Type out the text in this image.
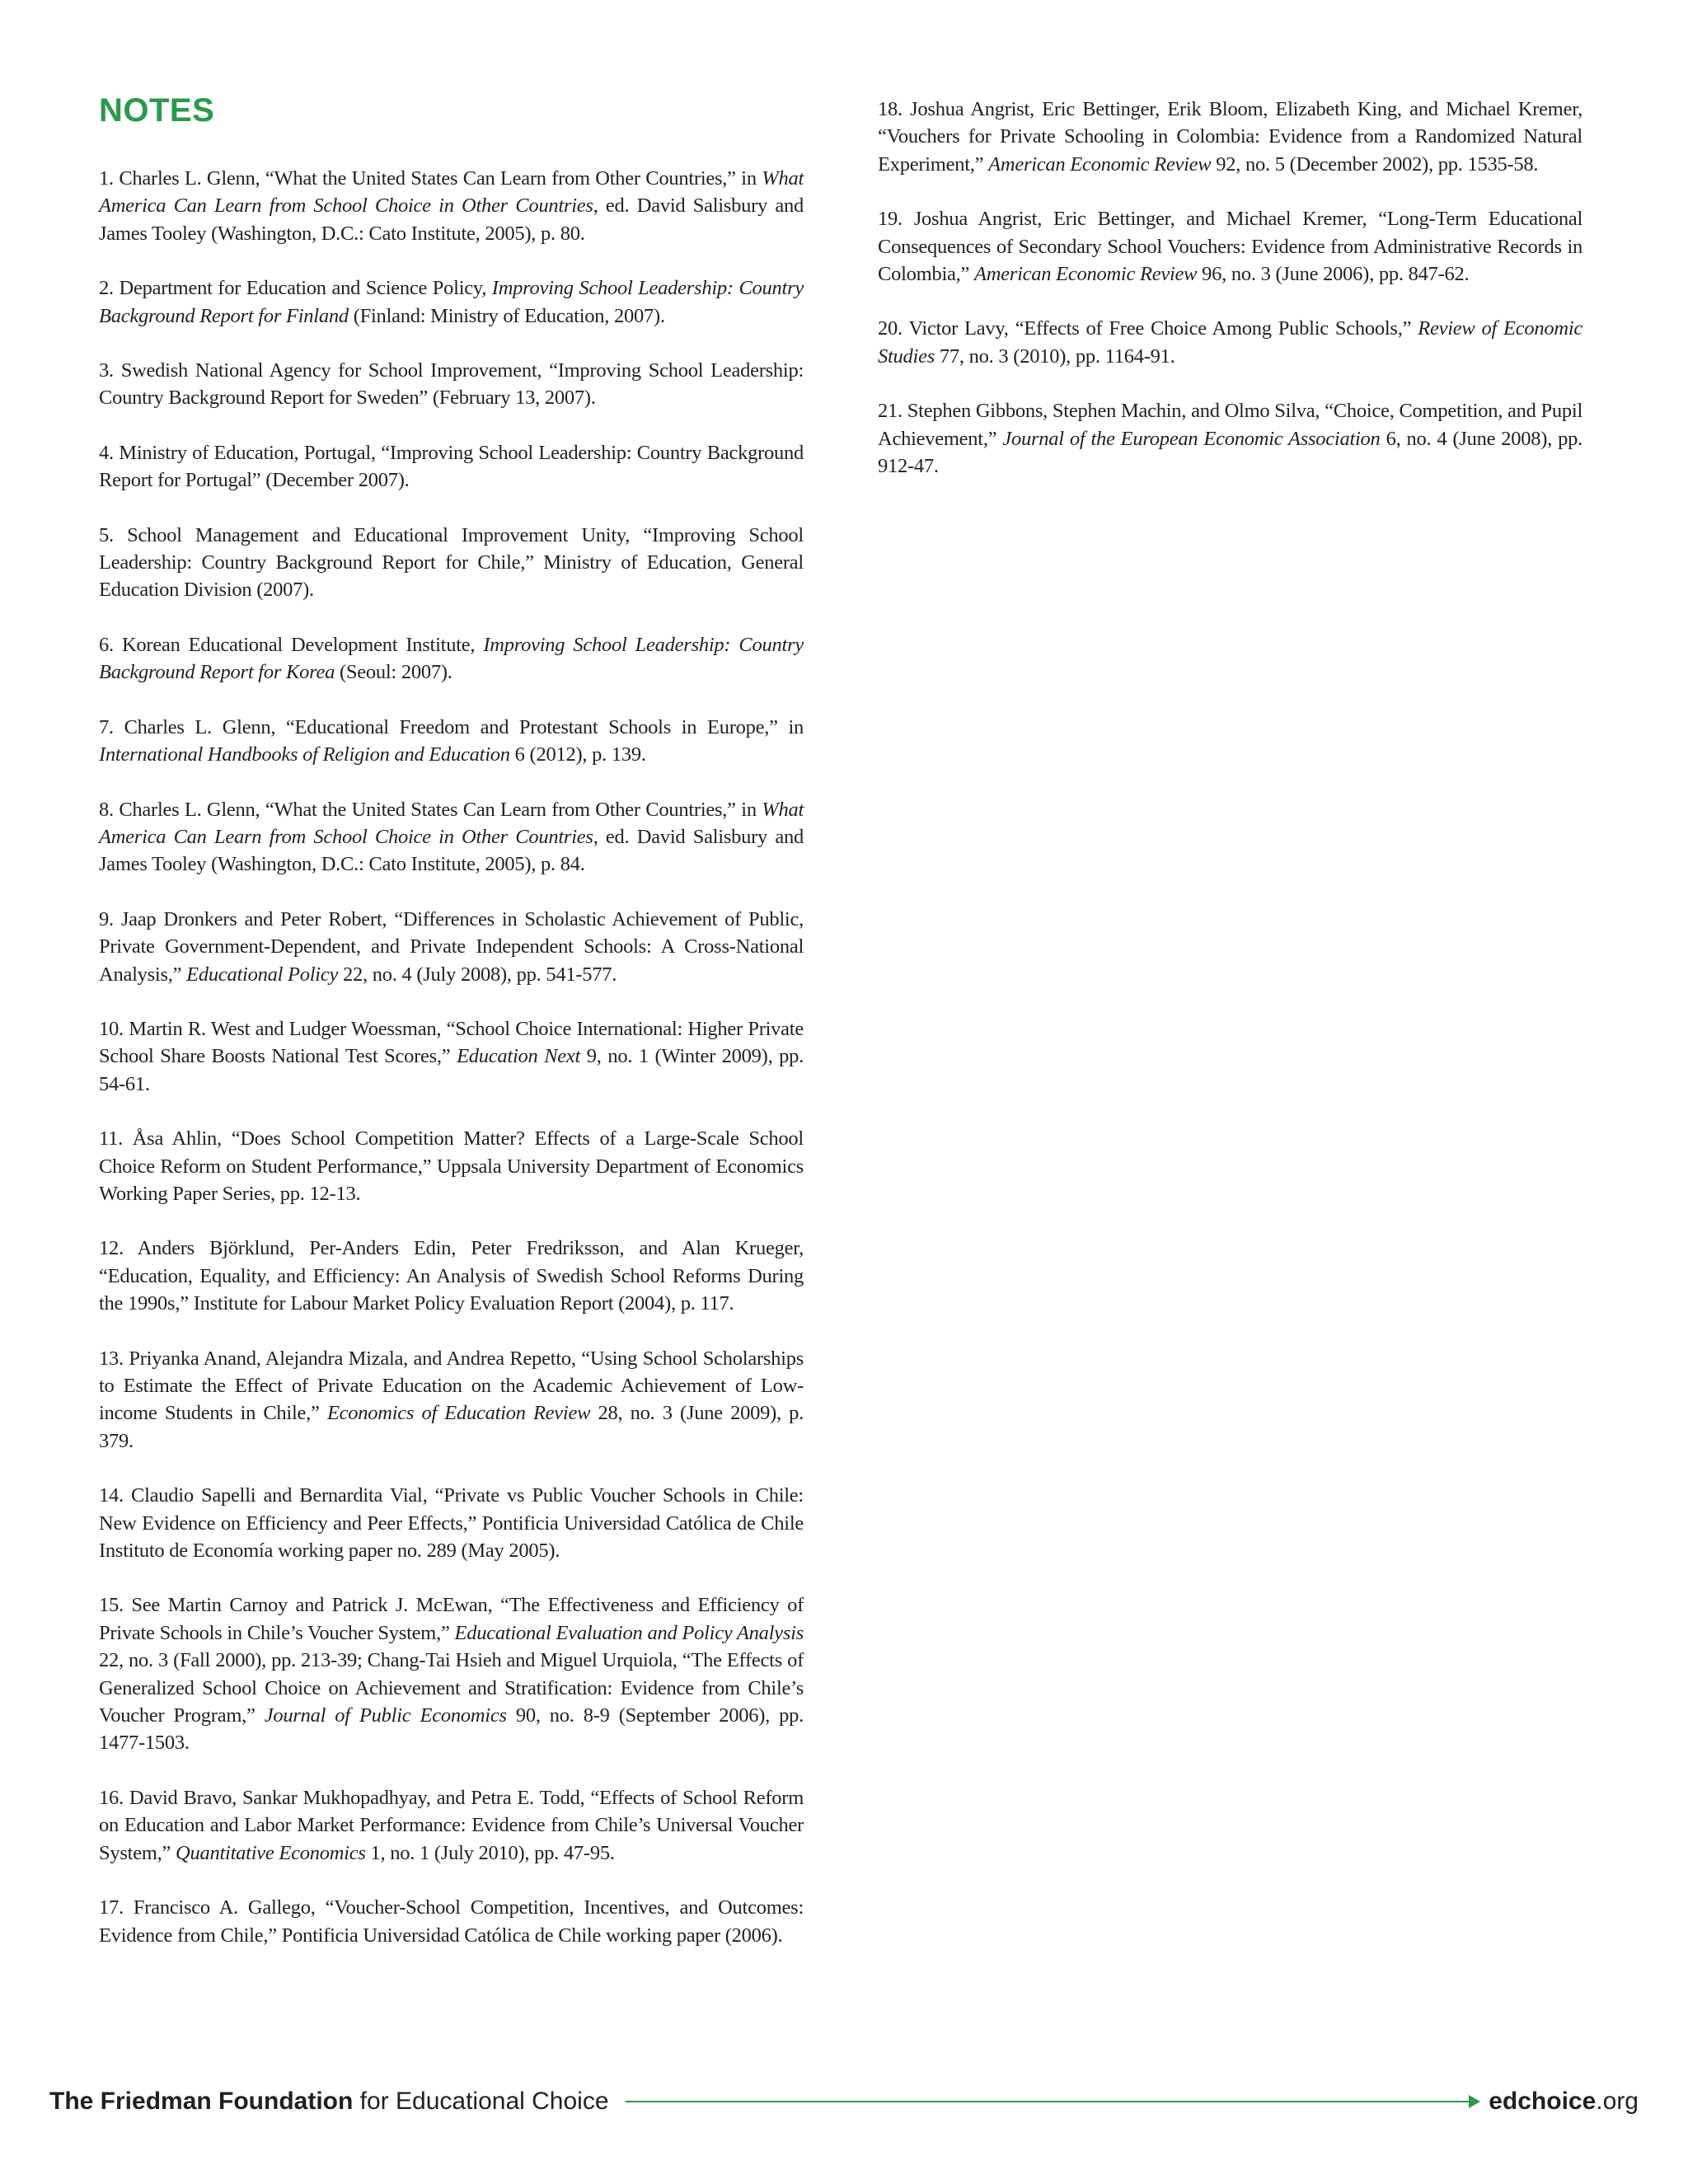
NOTES

1. Charles L. Glenn, “What the United States Can Learn from Other Countries,” in What America Can Learn from School Choice in Other Countries, ed. David Salisbury and James Tooley (Washington, D.C.: Cato Institute, 2005), p. 80.

2. Department for Education and Science Policy, Improving School Leadership: Country Background Report for Finland (Finland: Ministry of Education, 2007).

3. Swedish National Agency for School Improvement, “Improving School Leadership: Country Background Report for Sweden” (February 13, 2007).

4. Ministry of Education, Portugal, “Improving School Leadership: Country Background Report for Portugal” (December 2007).

5. School Management and Educational Improvement Unity, “Improving School Leadership: Country Background Report for Chile,” Ministry of Education, General Education Division (2007).

6. Korean Educational Development Institute, Improving School Leadership: Country Background Report for Korea (Seoul: 2007).

7. Charles L. Glenn, “Educational Freedom and Protestant Schools in Europe,” in International Handbooks of Religion and Education 6 (2012), p. 139.

8. Charles L. Glenn, “What the United States Can Learn from Other Countries,” in What America Can Learn from School Choice in Other Countries, ed. David Salisbury and James Tooley (Washington, D.C.: Cato Institute, 2005), p. 84.

9. Jaap Dronkers and Peter Robert, “Differences in Scholastic Achievement of Public, Private Government-Dependent, and Private Independent Schools: A Cross-National Analysis,” Educational Policy 22, no. 4 (July 2008), pp. 541-577.

10. Martin R. West and Ludger Woessman, “School Choice International: Higher Private School Share Boosts National Test Scores,” Education Next 9, no. 1 (Winter 2009), pp. 54-61.

11. Åsa Ahlin, “Does School Competition Matter? Effects of a Large-Scale School Choice Reform on Student Performance,” Uppsala University Department of Economics Working Paper Series, pp. 12-13.

12. Anders Björklund, Per-Anders Edin, Peter Fredriksson, and Alan Krueger, “Education, Equality, and Efficiency: An Analysis of Swedish School Reforms During the 1990s,” Institute for Labour Market Policy Evaluation Report (2004), p. 117.

13. Priyanka Anand, Alejandra Mizala, and Andrea Repetto, “Using School Scholarships to Estimate the Effect of Private Education on the Academic Achievement of Low-income Students in Chile,” Economics of Education Review 28, no. 3 (June 2009), p. 379.

14. Claudio Sapelli and Bernardita Vial, “Private vs Public Voucher Schools in Chile: New Evidence on Efficiency and Peer Effects,” Pontificia Universidad Católica de Chile Instituto de Economía working paper no. 289 (May 2005).

15. See Martin Carnoy and Patrick J. McEwan, “The Effectiveness and Efficiency of Private Schools in Chile’s Voucher System,” Educational Evaluation and Policy Analysis 22, no. 3 (Fall 2000), pp. 213-39; Chang-Tai Hsieh and Miguel Urquiola, “The Effects of Generalized School Choice on Achievement and Stratification: Evidence from Chile’s Voucher Program,” Journal of Public Economics 90, no. 8-9 (September 2006), pp. 1477-1503.

16. David Bravo, Sankar Mukhopadhyay, and Petra E. Todd, “Effects of School Reform on Education and Labor Market Performance: Evidence from Chile’s Universal Voucher System,” Quantitative Economics 1, no. 1 (July 2010), pp. 47-95.

17. Francisco A. Gallego, “Voucher-School Competition, Incentives, and Outcomes: Evidence from Chile,” Pontificia Universidad Católica de Chile working paper (2006).

18. Joshua Angrist, Eric Bettinger, Erik Bloom, Elizabeth King, and Michael Kremer, “Vouchers for Private Schooling in Colombia: Evidence from a Randomized Natural Experiment,” American Economic Review 92, no. 5 (December 2002), pp. 1535-58.

19. Joshua Angrist, Eric Bettinger, and Michael Kremer, “Long-Term Educational Consequences of Secondary School Vouchers: Evidence from Administrative Records in Colombia,” American Economic Review 96, no. 3 (June 2006), pp. 847-62.

20. Victor Lavy, “Effects of Free Choice Among Public Schools,” Review of Economic Studies 77, no. 3 (2010), pp. 1164-91.

21. Stephen Gibbons, Stephen Machin, and Olmo Silva, “Choice, Competition, and Pupil Achievement,” Journal of the European Economic Association 6, no. 4 (June 2008), pp. 912-47.

The Friedman Foundation for Educational Choice	edchoice.org
